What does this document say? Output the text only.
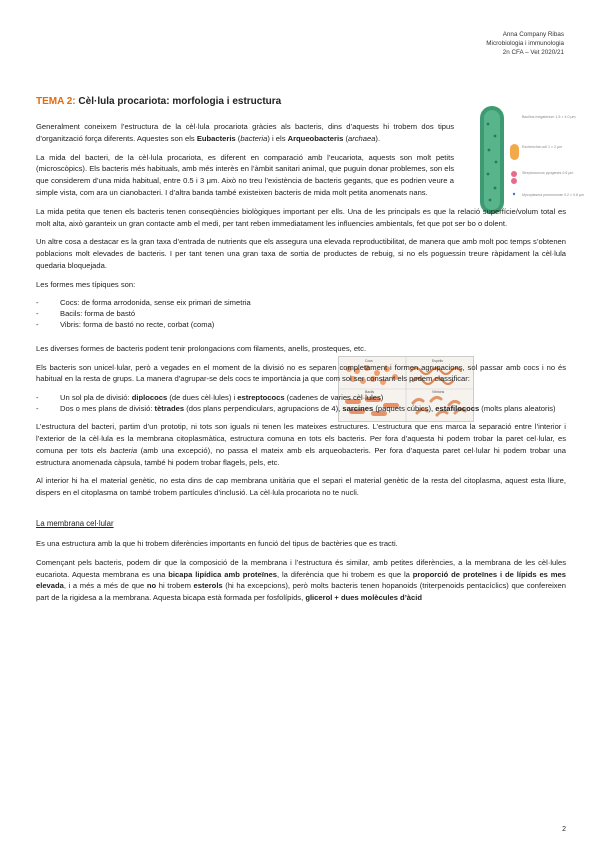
Anna Company Ribas
Microbiologia i immunologia
2n CFA – Vet 2020/21
Bacillus megaterium 1.5 × 4.0 μm
Escherichia coli 1 × 2 μm
Streptococcus pyogenes 0.6 μm
Mycoplasma pneumoniae 0.2 × 0.8 μm
Cocs	Espirils
Bacils	Vibrions
TEMA 2: Cèl·lula procariota: morfologia i estructura

Generalment coneixem l’estructura de la cèl·lula procariota gràcies als bacteris, dins d’aquests hi trobem dos tipus d’organització força diferents. Aquestes son els Eubacteris (bacteria) i els Arqueobacteris (archaea).

La mida del bacteri, de la cèl·lula procariota, es diferent en comparació amb l’eucariota, aquests son molt petits (microscòpics). Els bacteris més habituals, amb més interès en l’àmbit sanitari animal, que puguin donar problemes, son els que considerem d’una mida habitual, entre 0.5 i 3 μm. Això no treu l’existència de bacteris gegants, que es podrien veure a simple vista, com ara un cianobacteri. I d’altra banda també existeixen bacteris de mida molt petita anomenats nans.

La mida petita que tenen els bacteris tenen conseqüències biològiques important per ells. Una de les principals es que la relació superfície/volum total es molt alta, això garanteix un gran contacte amb el medi, per tant reben immediatament les influencies ambientals, fet que pot ser bo o dolent.

Un altre cosa a destacar es la gran taxa d’entrada de nutrients que els assegura una elevada reproductibilitat, de manera que amb molt poc temps s’obtenen poblacions molt elevades de bacteris. I per tant tenen una gran taxa de sortia de productes de rebuig, si no els poguessin treure ràpidament la cèl·lula quedaria bloquejada.

Les formes mes típiques son:

- Cocs: de forma arrodonida, sense eix primari de simetria
- Bacils: forma de bastó
- Vibris: forma de bastó no recte, corbat (coma)

Les diverses formes de bacteris podent tenir prolongacions com filaments, anells, prosteques, etc.

Els bacteris son unicel·lular, però a vegades en el moment de la divisió no es separen completament i formen agrupacions, sol passar amb cocs i no és habitual en la resta de grups. La manera d’agrupar-se dels cocs te importància ja que com sol ser constant els podem classificar:

- Un sol pla de divisió: diplococs (de dues cèl·lules) i estreptococs (cadenes de varies cèl·lules)
- Dos o mes plans de divisió: tètrades (dos plans perpendiculars, agrupacions de 4), sarcines (paquets cúbics), estafilococs (molts plans aleatoris)

L’estructura del bacteri, partim d’un prototip, ni tots son iguals ni tenen les mateixes estructures. L’estructura que ens marca la separació entre l’interior i l’exterior de la cèl·lula es la membrana citoplasmàtica, estructura comuna en tots els bacteris. Per fora d’aquesta hi podem trobar la paret cel·lular, es comuna per tots els bacteria (amb una excepció), no passa el mateix amb els arqueobacteris. Per fora d’aquesta paret cel·lular hi podem trobar una estructura anomenada càpsula, també hi podem trobar flagels, pels, etc.

Al interior hi ha el material genètic, no esta dins de cap membrana unitària que el separi el material genètic de la resta del citoplasma, aquest esta lliure, dispers en el citoplasma on també trobem partícules d’inclusió. La cèl·lula procariota no te nucli.

La membrana cel·lular

Es una estructura amb la que hi trobem diferències importants en funció del tipus de bactèries que es tracti.

Començant pels bacteris, podem dir que la composició de la membrana i l’estructura és similar, amb petites diferències, a la membrana de les cèl·lules eucariota. Aquesta membrana es una bicapa lipídica amb proteïnes, la diferència que hi trobem es que la proporció de proteïnes i de lípids es mes elevada, i a més a més de que no hi trobem esterols (hi ha excepcions), però molts bacteris tenen hopanoids (triterpenoids pentacíclics) que confereixen part de la rigidesa a la membrana. Aquesta bicapa està formada per fosfolípids, glicerol + dues molècules d’àcid

2
